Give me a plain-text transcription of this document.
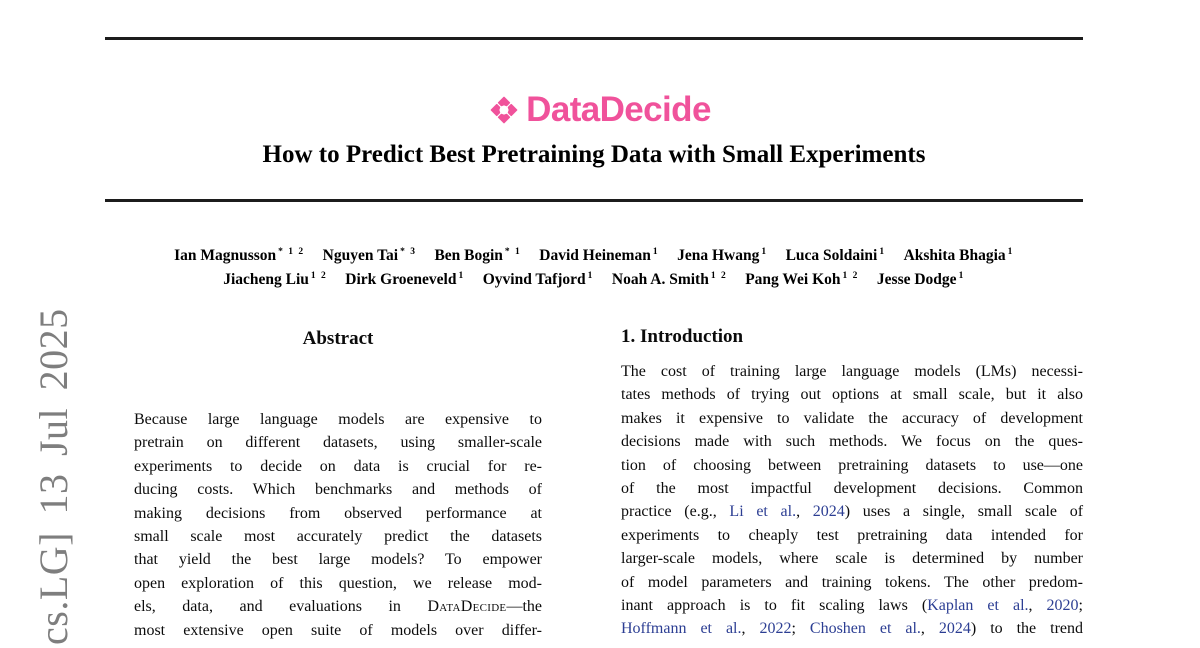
cs.LG] 13 Jul 2025
DataDecide
How to Predict Best Pretraining Data with Small Experiments
Ian Magnusson $^{* 1 2}$ Nguyen Tai $^{* 3}$ Ben Bogin $^{* 1}$ David Heineman $^1$ Jena Hwang $^1$ Luca Soldaini $^1$ Akshita Bhagia $^1$
Jiacheng Liu $^{1 2}$ Dirk Groeneveld $^1$ Oyvind Tafjord $^1$ Noah A. Smith $^{1 2}$ Pang Wei Koh $^{1 2}$ Jesse Dodge $^1$
Abstract
Because large language models are expensive to
pretrain on different datasets, using smaller-scale
experiments to decide on data is crucial for re-
ducing costs. Which benchmarks and methods of
making decisions from observed performance at
small scale most accurately predict the datasets
that yield the best large models? To empower
open exploration of this question, we release mod-
els, data, and evaluations in DataDecide—the
most extensive open suite of models over differ-
1. Introduction
The cost of training large language models (LMs) necessi-
tates methods of trying out options at small scale, but it also
makes it expensive to validate the accuracy of development
decisions made with such methods. We focus on the ques-
tion of choosing between pretraining datasets to use—one
of the most impactful development decisions. Common
practice (e.g., Li et al., 2024) uses a single, small scale of
experiments to cheaply test pretraining data intended for
larger-scale models, where scale is determined by number
of model parameters and training tokens. The other predom-
inant approach is to fit scaling laws (Kaplan et al., 2020;
Hoffmann et al., 2022; Choshen et al., 2024) to the trend
